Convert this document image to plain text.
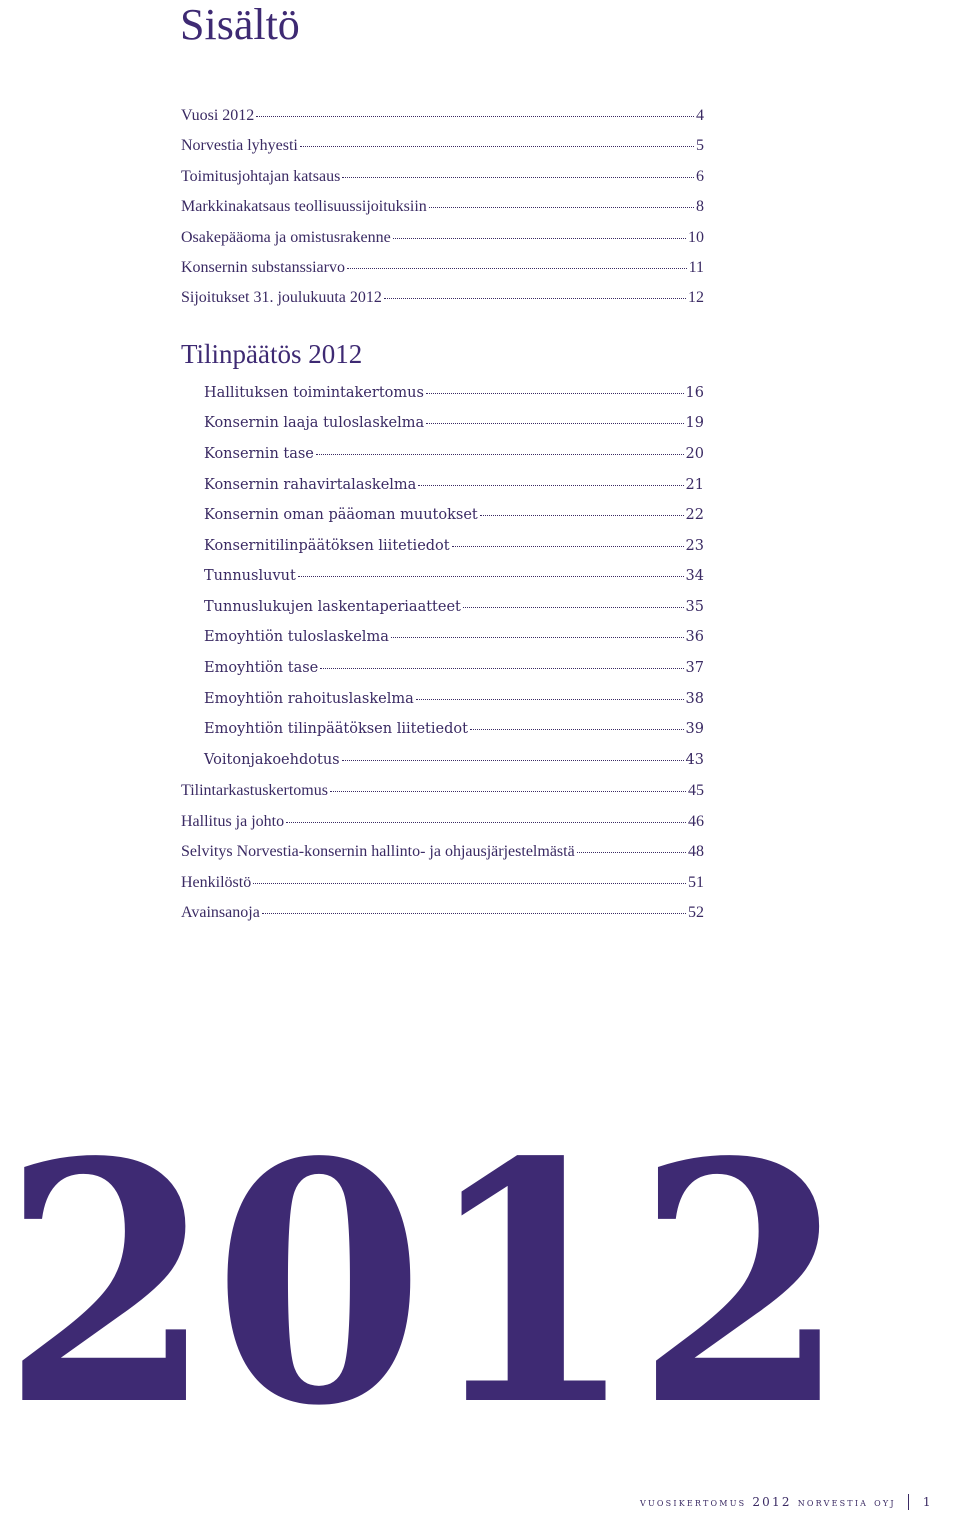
Sisältö
Vuosi 2012	4
Norvestia lyhyesti	5
Toimitusjohtajan katsaus	6
Markkinakatsaus teollisuussijoituksiin	8
Osakepääoma ja omistusrakenne	10
Konsernin substanssiarvo	11
Sijoitukset 31. joulukuuta 2012	12
Tilinpäätös 2012
Hallituksen toimintakertomus	16
Konsernin laaja tuloslaskelma	19
Konsernin tase	20
Konsernin rahavirtalaskelma	21
Konsernin oman pääoman muutokset	22
Konsernitilinpäätöksen liitetiedot	23
Tunnusluvut	34
Tunnuslukujen laskentaperiaatteet	35
Emoyhtiön tuloslaskelma	36
Emoyhtiön tase	37
Emoyhtiön rahoituslaskelma	38
Emoyhtiön tilinpäätöksen liitetiedot	39
Voitonjakoehdotus	43
Tilintarkastuskertomus	45
Hallitus ja johto	46
Selvitys Norvestia-konsernin hallinto- ja ohjausjärjestelmästä	48
Henkilöstö	51
Avainsanoja	52
2012
vuosikertomus 2012 norvestia oyj 1
